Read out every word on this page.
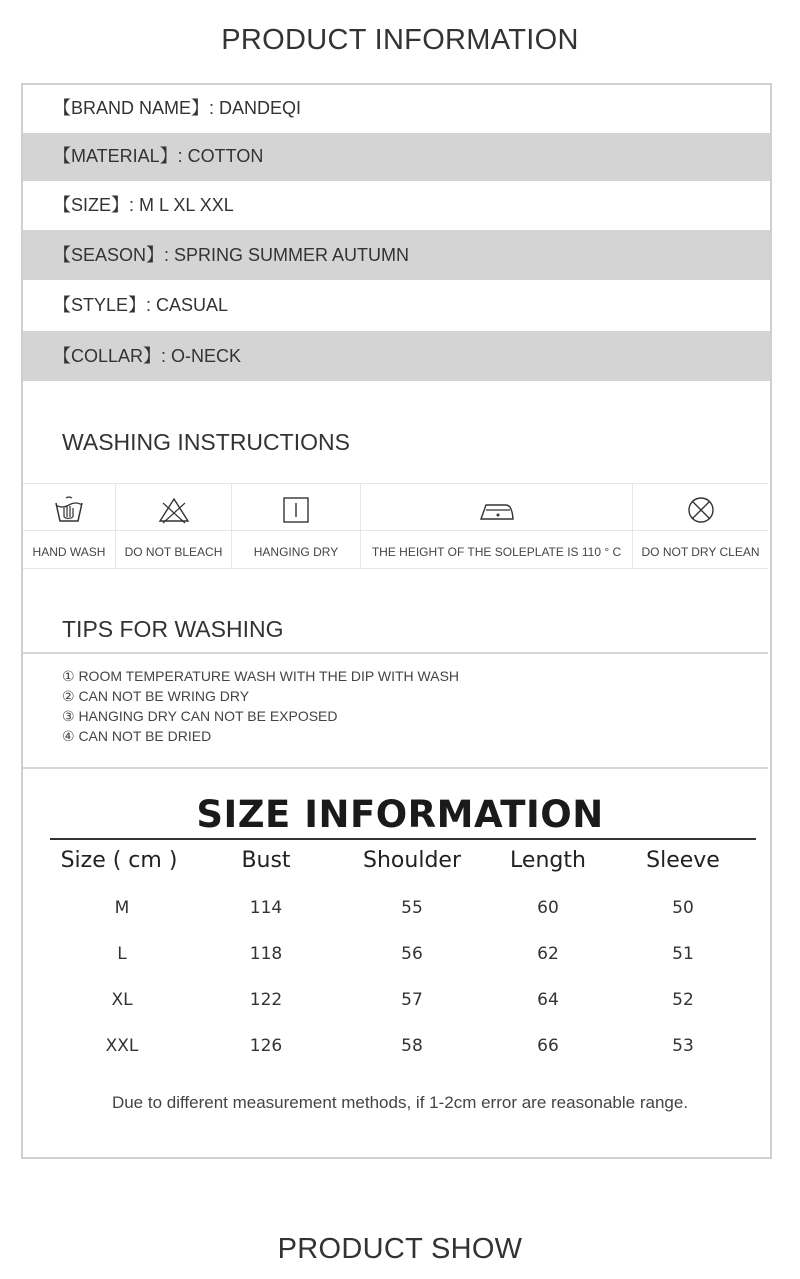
PRODUCT INFORMATION
【BRAND NAME】: DANDEQI
【MATERIAL】: COTTON
【SIZE】: M L XL XXL
【SEASON】: SPRING SUMMER AUTUMN
【STYLE】: CASUAL
【COLLAR】: O-NECK
WASHING INSTRUCTIONS
HAND WASH	DO NOT BLEACH	HANGING DRY	THE HEIGHT OF THE SOLEPLATE IS 110 ° C	DO NOT DRY CLEAN
TIPS FOR WASHING
① ROOM TEMPERATURE WASH WITH THE DIP WITH WASH
② CAN NOT BE WRING DRY
③ HANGING DRY CAN NOT BE EXPOSED
④ CAN NOT BE DRIED
SIZE INFORMATION
Size ( cm )	Bust	Shoulder	Length	Sleeve
M	114	55	60	50
L	118	56	62	51
XL	122	57	64	52
XXL	126	58	66	53
Due to different measurement methods, if 1-2cm error are reasonable range.
PRODUCT SHOW
